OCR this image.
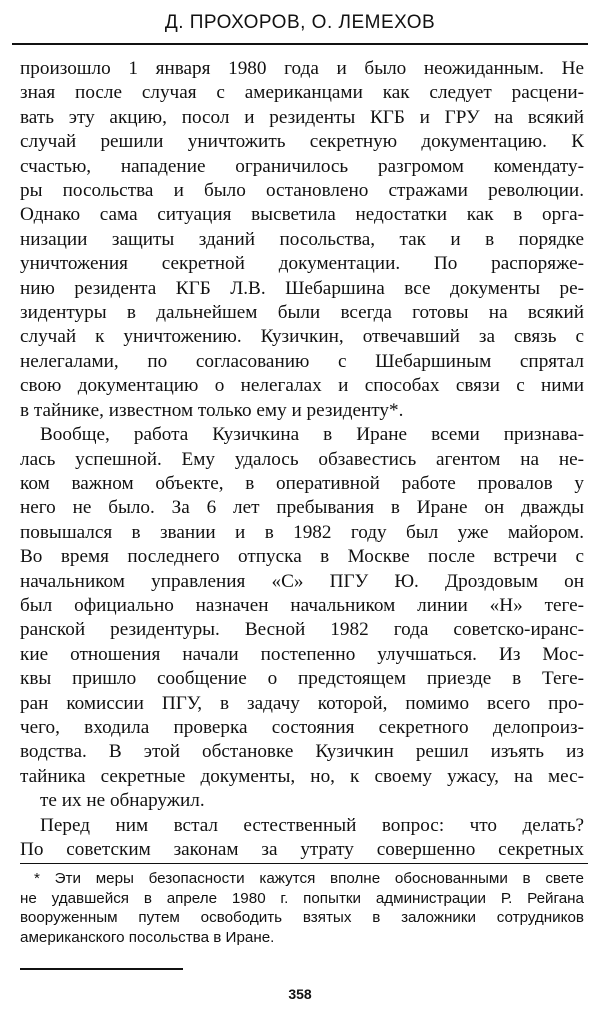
Д. ПРОХОРОВ, О. ЛЕМЕХОВ

произошло 1 января 1980 года и было неожиданным. Не

зная после случая с американцами как следует расцени-

вать эту акцию, посол и резиденты КГБ и ГРУ на всякий

случай решили уничтожить секретную документацию. К

счастью, нападение ограничилось разгромом комендату-

ры посольства и было остановлено стражами революции.

Однако сама ситуация высветила недостатки как в орга-

низации защиты зданий посольства, так и в порядке

уничтожения секретной документации. По распоряже-

нию резидента КГБ Л.В. Шебаршина все документы ре-

зидентуры в дальнейшем были всегда готовы на всякий

случай к уничтожению. Кузичкин, отвечавший за связь с

нелегалами, по согласованию с Шебаршиным спрятал

свою документацию о нелегалах и способах связи с ними

в тайнике, известном только ему и резиденту*.

Вообще, работа Кузичкина в Иране всеми признава-

лась успешной. Ему удалось обзавестись агентом на не-

ком важном объекте, в оперативной работе провалов у

него не было. За 6 лет пребывания в Иране он дважды

повышался в звании и в 1982 году был уже майором.

Во время последнего отпуска в Москве после встречи с

начальником управления «С» ПГУ Ю. Дроздовым он

был официально назначен начальником линии «Н» теге-

ранской резидентуры. Весной 1982 года советско-иранс-

кие отношения начали постепенно улучшаться. Из Мос-

квы пришло сообщение о предстоящем приезде в Теге-

ран комиссии ПГУ, в задачу которой, помимо всего про-

чего, входила проверка состояния секретного делопроиз-

водства. В этой обстановке Кузичкин решил изъять из

тайника секретные документы, но, к своему ужасу, на мес-

те их не обнаружил.

Перед ним встал естественный вопрос: что делать?

По советским законам за утрату совершенно секретных

* Эти меры безопасности кажутся вполне обоснованными в свете

не удавшейся в апреле 1980 г. попытки администрации Р. Рейгана

вооруженным путем освободить взятых в заложники сотрудников

американского посольства в Иране.

358
